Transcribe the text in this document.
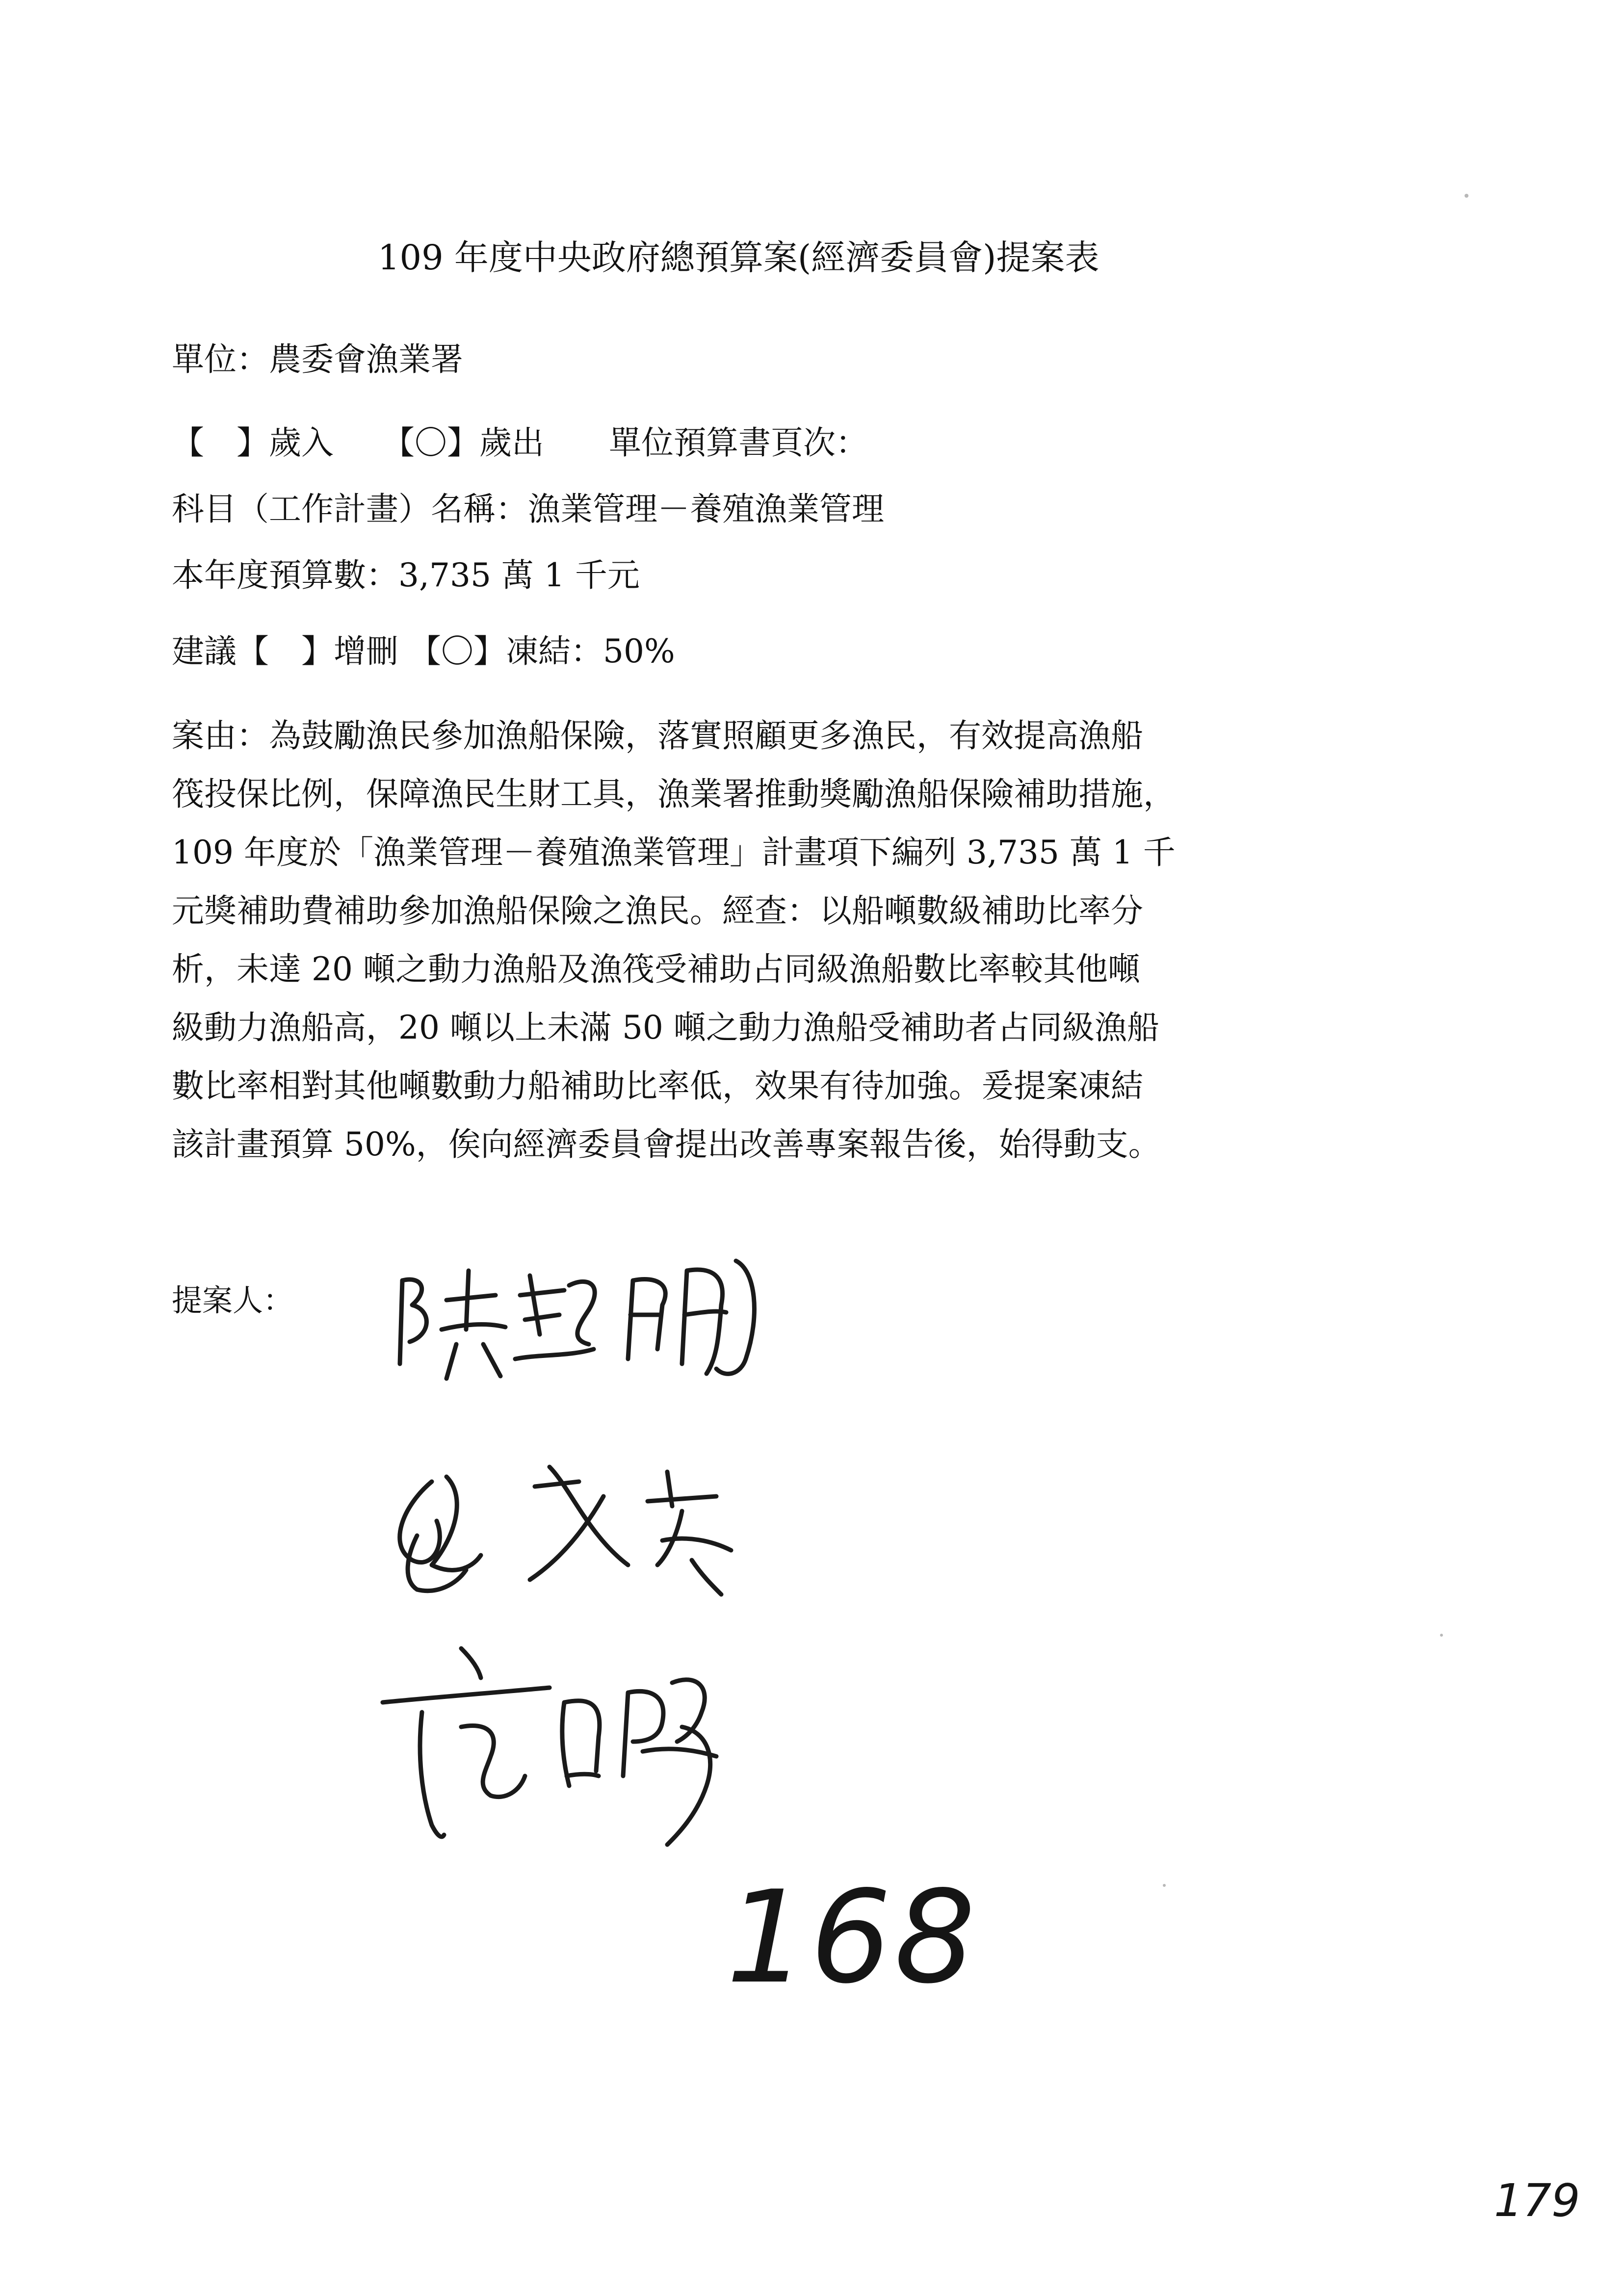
109 年度中央政府總預算案(經濟委員會)提案表
單位：農委會漁業署
【　】歲入　　【〇】歲出　　單位預算書頁次：
科目（工作計畫）名稱：漁業管理－養殖漁業管理
本年度預算數：3,735 萬 1 千元
建議【　】增刪 【〇】凍結：50%
案由：為鼓勵漁民參加漁船保險，落實照顧更多漁民，有效提高漁船
筏投保比例，保障漁民生財工具，漁業署推動獎勵漁船保險補助措施，
109 年度於「漁業管理－養殖漁業管理」計畫項下編列 3,735 萬 1 千
元獎補助費補助參加漁船保險之漁民。經查：以船噸數級補助比率分
析，未達 20 噸之動力漁船及漁筏受補助占同級漁船數比率較其他噸
級動力漁船高，20 噸以上未滿 50 噸之動力漁船受補助者占同級漁船
數比率相對其他噸數動力船補助比率低，效果有待加強。爰提案凍結
該計畫預算 50%，俟向經濟委員會提出改善專案報告後，始得動支。
提案人：
168
179
